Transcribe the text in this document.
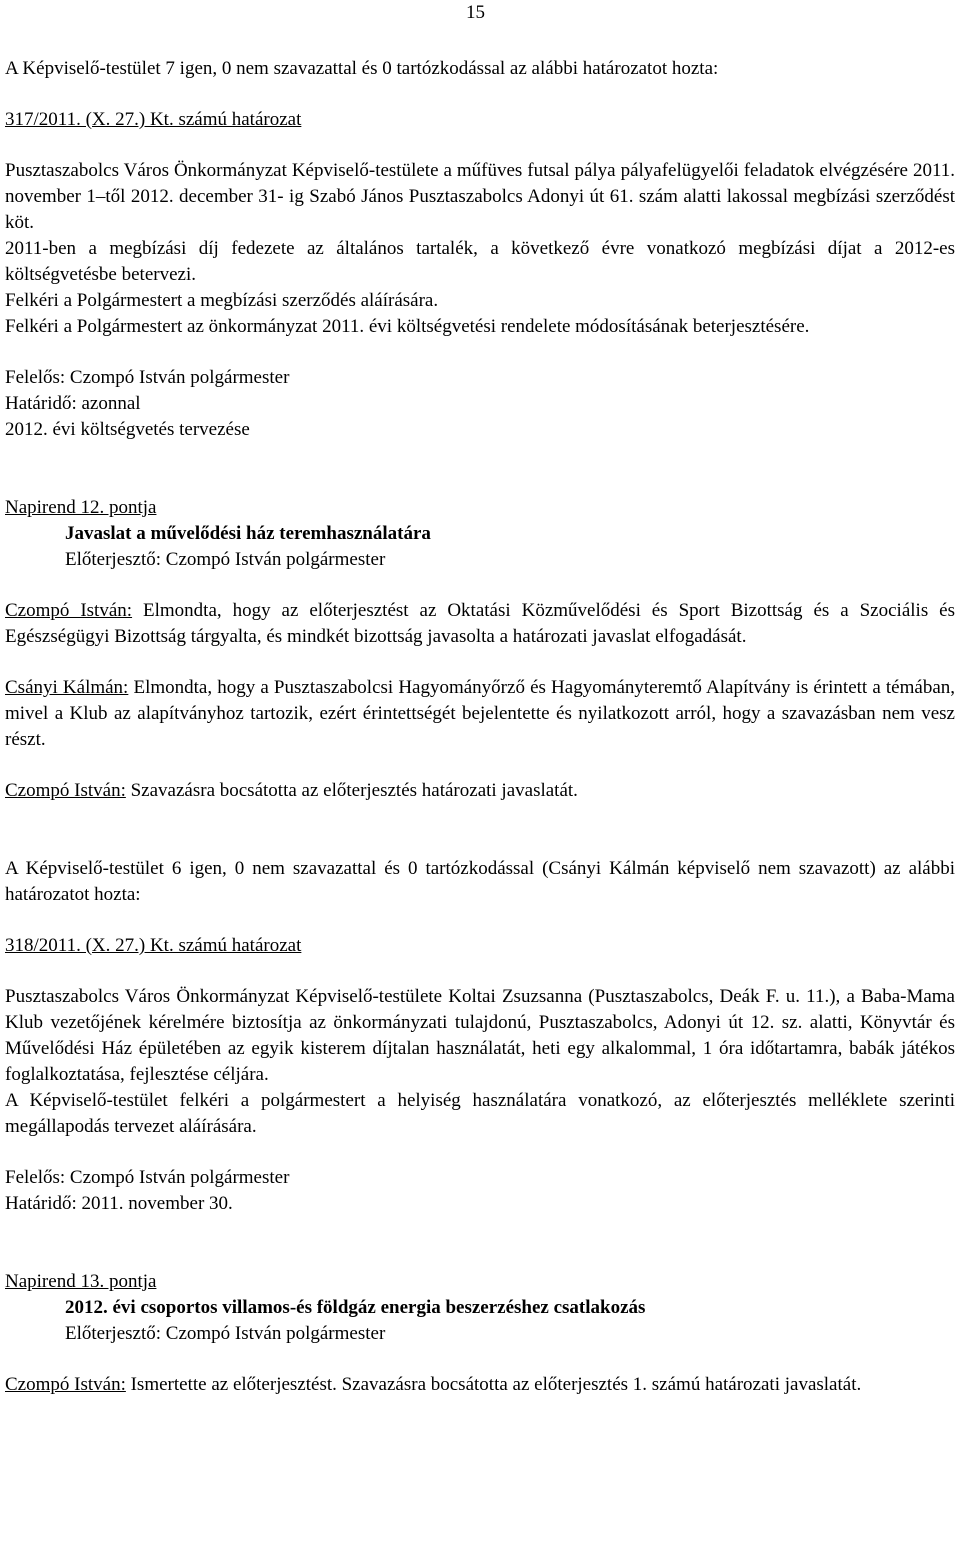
15

A Képviselő-testület 7 igen, 0 nem szavazattal és 0 tartózkodással az alábbi határozatot hozta:

317/2011. (X. 27.) Kt. számú határozat

Pusztaszabolcs Város Önkormányzat Képviselő-testülete a műfüves futsal pálya pályafelügyelői feladatok elvégzésére 2011. november 1–től 2012. december 31- ig Szabó János Pusztaszabolcs Adonyi út 61. szám alatti lakossal megbízási szerződést köt.

2011-ben a megbízási díj fedezete az általános tartalék, a következő évre vonatkozó megbízási díjat a 2012-es költségvetésbe betervezi.

Felkéri a Polgármestert a megbízási szerződés aláírására.

Felkéri a Polgármestert az önkormányzat 2011. évi költségvetési rendelete módosításának beterjesztésére.

Felelős: Czompó István polgármester

Határidő: azonnal

2012. évi költségvetés tervezése

Napirend 12. pontja

Javaslat a művelődési ház teremhasználatára

Előterjesztő: Czompó István polgármester

Czompó István: Elmondta, hogy az előterjesztést az Oktatási Közművelődési és Sport Bizottság és a Szociális és Egészségügyi Bizottság tárgyalta, és mindkét bizottság javasolta a határozati javaslat elfogadását.

Csányi Kálmán: Elmondta, hogy a Pusztaszabolcsi Hagyományőrző és Hagyományteremtő Alapítvány is érintett a témában, mivel a Klub az alapítványhoz tartozik, ezért érintettségét bejelentette és nyilatkozott arról, hogy a szavazásban nem vesz részt.

Czompó István: Szavazásra bocsátotta az előterjesztés határozati javaslatát.

A Képviselő-testület 6 igen, 0 nem szavazattal és 0 tartózkodással (Csányi Kálmán képviselő nem szavazott) az alábbi határozatot hozta:

318/2011. (X. 27.) Kt. számú határozat

Pusztaszabolcs Város Önkormányzat Képviselő-testülete Koltai Zsuzsanna (Pusztaszabolcs, Deák F. u. 11.), a Baba-Mama Klub vezetőjének kérelmére biztosítja az önkormányzati tulajdonú, Pusztaszabolcs, Adonyi út 12. sz. alatti, Könyvtár és Művelődési Ház épületében az egyik kisterem díjtalan használatát, heti egy alkalommal, 1 óra időtartamra, babák játékos foglalkoztatása, fejlesztése céljára.

A Képviselő-testület felkéri a polgármestert a helyiség használatára vonatkozó, az előterjesztés melléklete szerinti megállapodás tervezet aláírására.

Felelős: Czompó István polgármester

Határidő: 2011. november 30.

Napirend 13. pontja

2012. évi csoportos villamos-és földgáz energia beszerzéshez csatlakozás

Előterjesztő: Czompó István polgármester

Czompó István: Ismertette az előterjesztést. Szavazásra bocsátotta az előterjesztés 1. számú határozati javaslatát.
